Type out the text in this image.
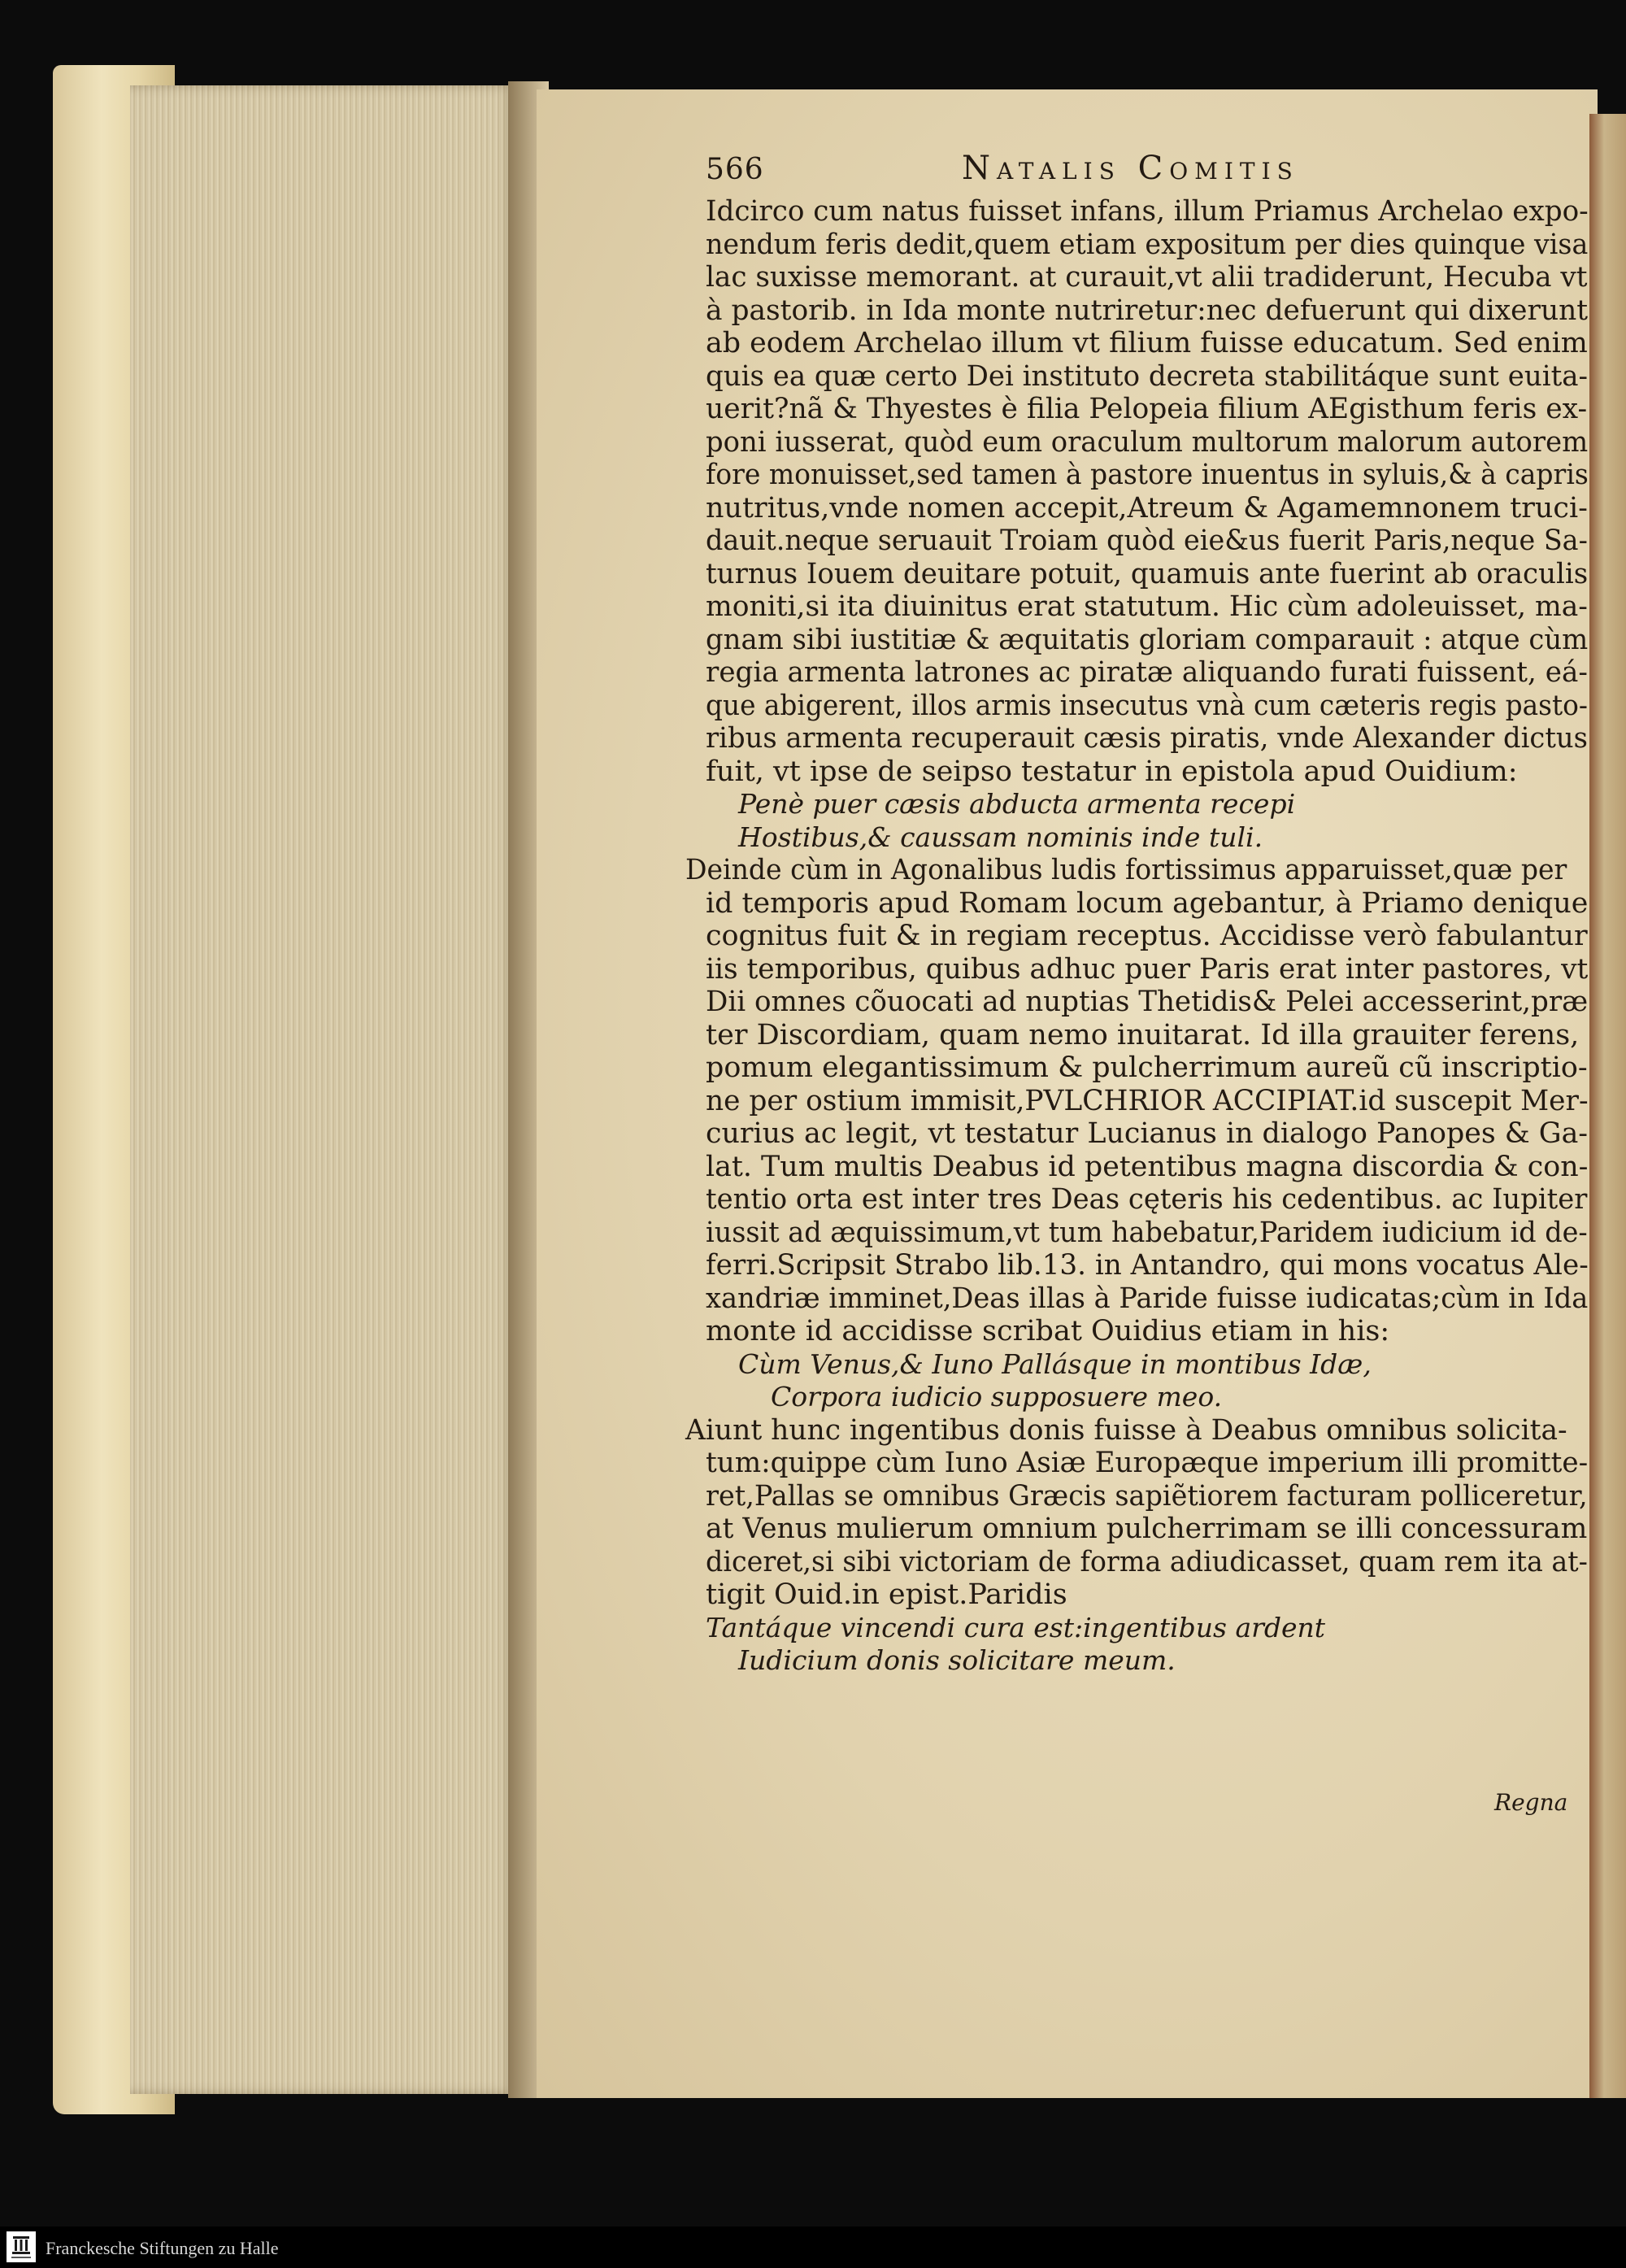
566	Natalis Comitis
Idcirco cum natus fuisset infans, illum Priamus Archelao expo-
nendum feris dedit,quem etiam expositum per dies quinque visa
lac suxisse memorant. at curauit,vt alii tradiderunt, Hecuba vt
à pastorib. in Ida monte nutriretur:nec defuerunt qui dixerunt
ab eodem Archelao illum vt filium fuisse educatum. Sed enim
quis ea quæ certo Dei instituto decreta stabilitáque sunt euita-
uerit?nã & Thyestes è filia Pelopeia filium AEgisthum feris ex-
poni iusserat, quòd eum oraculum multorum malorum autorem
fore monuisset,sed tamen à pastore inuentus in syluis,& à capris
nutritus,vnde nomen accepit,Atreum & Agamemnonem truci-
dauit.neque seruauit Troiam quòd eie&us fuerit Paris,neque Sa-
turnus Iouem deuitare potuit, quamuis ante fuerint ab oraculis
moniti,si ita diuinitus erat statutum. Hic cùm adoleuisset, ma-
gnam sibi iustitiæ & æquitatis gloriam comparauit : atque cùm
regia armenta latrones ac piratæ aliquando furati fuissent, eá-
que abigerent, illos armis insecutus vnà cum cæteris regis pasto-
ribus armenta recuperauit cæsis piratis, vnde Alexander dictus
fuit, vt ipse de seipso testatur in epistola apud Ouidium:
Penè puer cæsis abducta armenta recepi
Hostibus,& caussam nominis inde tuli.
Deinde cùm in Agonalibus ludis fortissimus apparuisset,quæ per
id temporis apud Romam locum agebantur, à Priamo denique
cognitus fuit & in regiam receptus. Accidisse verò fabulantur
iis temporibus, quibus adhuc puer Paris erat inter pastores, vt
Dii omnes cõuocati ad nuptias Thetidis& Pelei accesserint,præ
ter Discordiam, quam nemo inuitarat. Id illa grauiter ferens,
pomum elegantissimum & pulcherrimum aureũ cũ inscriptio-
ne per ostium immisit,PVLCHRIOR ACCIPIAT.id suscepit Mer-
curius ac legit, vt testatur Lucianus in dialogo Panopes & Ga-
lat. Tum multis Deabus id petentibus magna discordia & con-
tentio orta est inter tres Deas cęteris his cedentibus. ac Iupiter
iussit ad æquissimum,vt tum habebatur,Paridem iudicium id de-
ferri.Scripsit Strabo lib.13. in Antandro, qui mons vocatus Ale-
xandriæ imminet,Deas illas à Paride fuisse iudicatas;cùm in Ida
monte id accidisse scribat Ouidius etiam in his:
Cùm Venus,& Iuno Pallásque in montibus Idæ,
Corpora iudicio supposuere meo.
Aiunt hunc ingentibus donis fuisse à Deabus omnibus solicita-
tum:quippe cùm Iuno Asiæ Europæque imperium illi promitte-
ret,Pallas se omnibus Græcis sapiẽtiorem facturam polliceretur,
at Venus mulierum omnium pulcherrimam se illi concessuram
diceret,si sibi victoriam de forma adiudicasset, quam rem ita at-
tigit Ouid.in epist.Paridis
Tantáque vincendi cura est:ingentibus ardent
Iudicium donis solicitare meum.
Regna
Franckesche Stiftungen zu Halle
